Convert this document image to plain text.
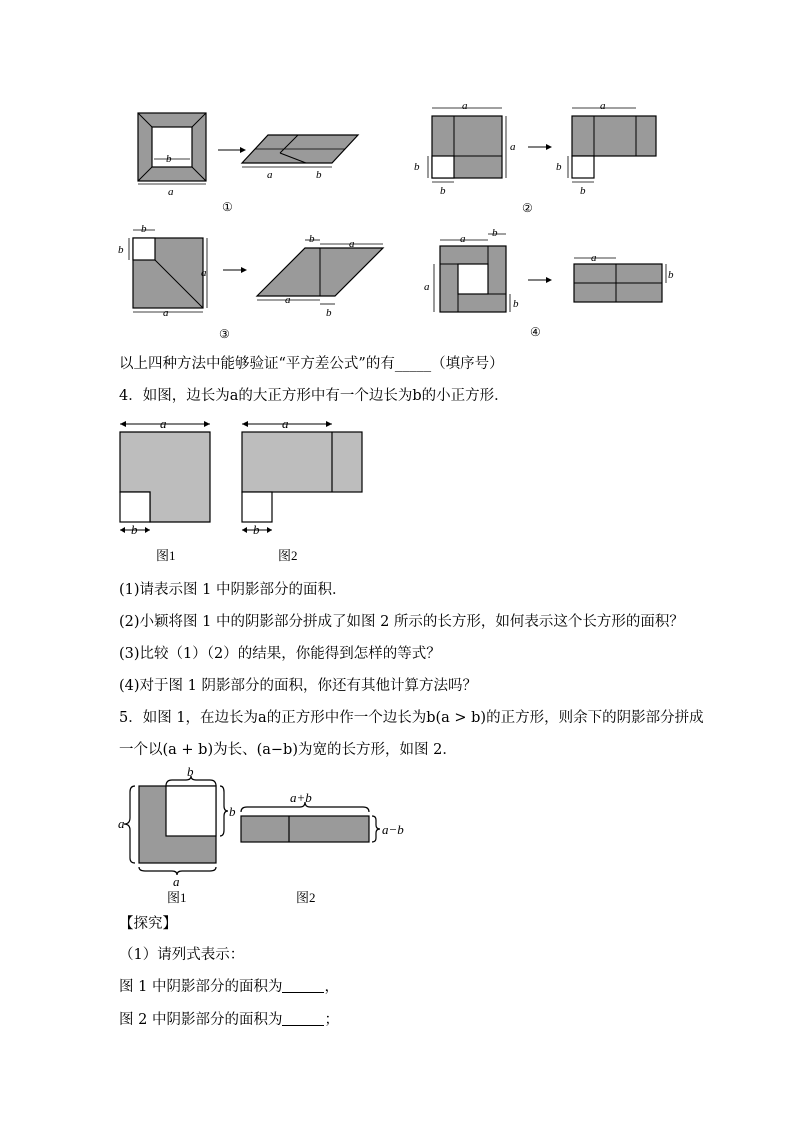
b
a
a	b
①
a
a
b
b
a
b
b
②
b
b
a
a
b	a
a
b
③
a b
a
b
a
b
④
以上四种方法中能够验证“平方差公式”的有_____（填序号）
4．如图，边长为a的大正方形中有一个边长为b的小正方形．
a
b
图1
a
b
图2
(1)请表示图 1 中阴影部分的面积．
(2)小颖将图 1 中的阴影部分拼成了如图 2 所示的长方形，如何表示这个长方形的面积？
(3)比较（1）（2）的结果，你能得到怎样的等式？
(4)对于图 1 阴影部分的面积，你还有其他计算方法吗？
5．如图 1，在边长为a的正方形中作一个边长为b(a > b)的正方形，则余下的阴影部分拼成
一个以(a + b)为长、(a−b)为宽的长方形，如图 2．
b
b
a
a
图1
a+b
a−b
图2
【探究】
（1）请列式表示：
图 1 中阴影部分的面积为	，
图 2 中阴影部分的面积为	；
